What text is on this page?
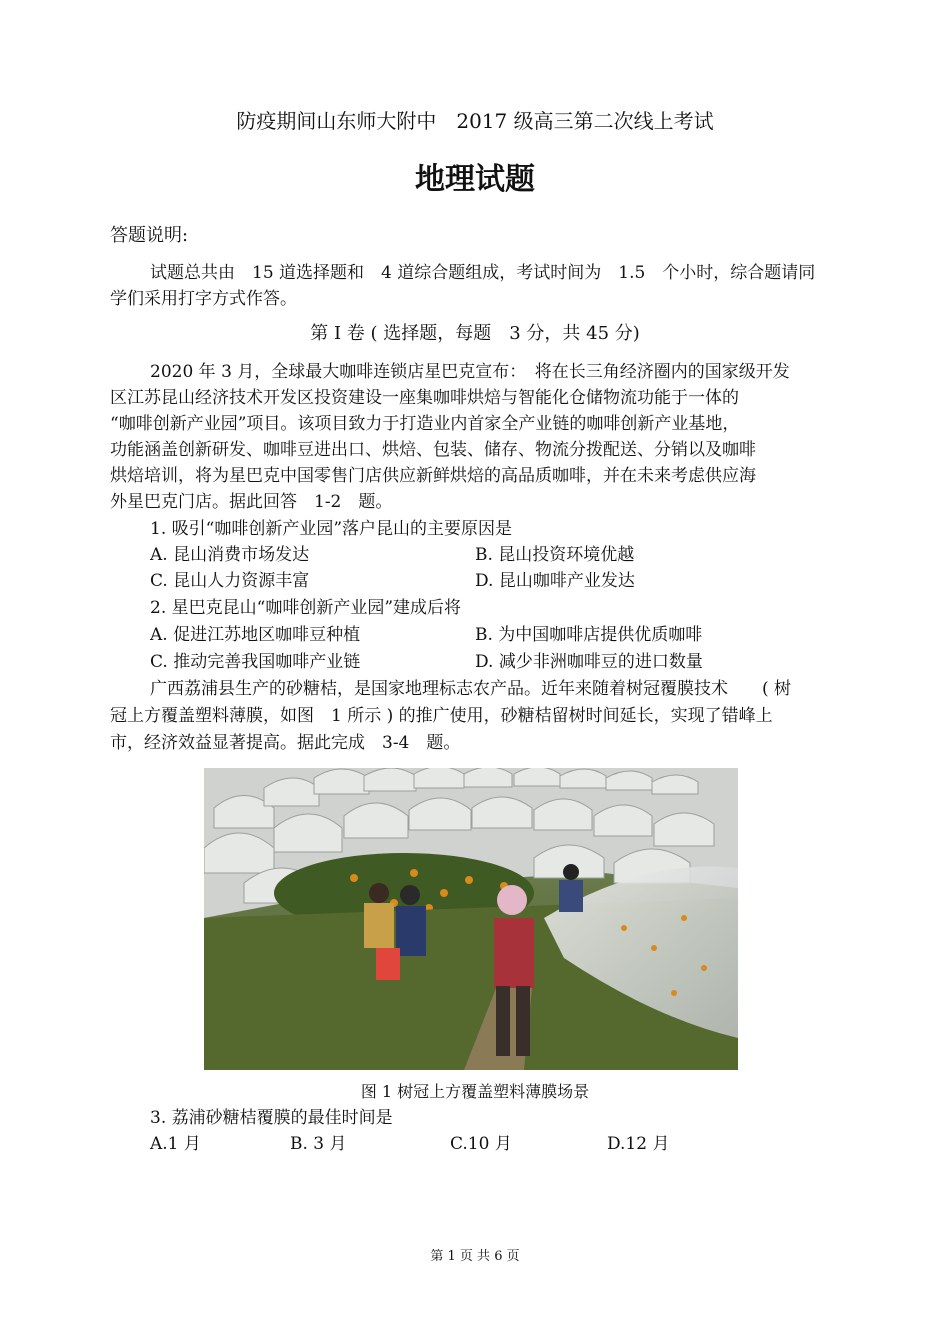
防疫期间山东师大附中　2017 级高三第二次线上考试
地理试题
答题说明:
试题总共由　15 道选择题和　4 道综合题组成，考试时间为　1.5　个小时，综合题请同
学们采用打字方式作答。
第 I 卷 ( 选择题，每题　3 分，共 45 分)
2020 年 3 月，全球最大咖啡连锁店星巴克宣布：　将在长三角经济圈内的国家级开发
区江苏昆山经济技术开发区投资建设一座集咖啡烘焙与智能化仓储物流功能于一体的
“咖啡创新产业园”项目。该项目致力于打造业内首家全产业链的咖啡创新产业基地，
功能涵盖创新研发、咖啡豆进出口、烘焙、包装、储存、物流分拨配送、分销以及咖啡
烘焙培训，将为星巴克中国零售门店供应新鲜烘焙的高品质咖啡，并在未来考虑供应海
外星巴克门店。据此回答　1-2　题。
1. 吸引“咖啡创新产业园”落户昆山的主要原因是
A. 昆山消费市场发达	B. 昆山投资环境优越
C. 昆山人力资源丰富	D. 昆山咖啡产业发达
2. 星巴克昆山“咖啡创新产业园”建成后将
A. 促进江苏地区咖啡豆种植	B. 为中国咖啡店提供优质咖啡
C. 推动完善我国咖啡产业链	D. 减少非洲咖啡豆的进口数量
广西荔浦县生产的砂糖桔，是国家地理标志农产品。近年来随着树冠覆膜技术　　( 树
冠上方覆盖塑料薄膜，如图　1 所示 ) 的推广使用，砂糖桔留树时间延长，实现了错峰上
市，经济效益显著提高。据此完成　3-4　题。
图 1 树冠上方覆盖塑料薄膜场景
3. 荔浦砂糖桔覆膜的最佳时间是
A.1 月	B. 3 月	C.10 月	D.12 月
第 1 页 共 6 页
